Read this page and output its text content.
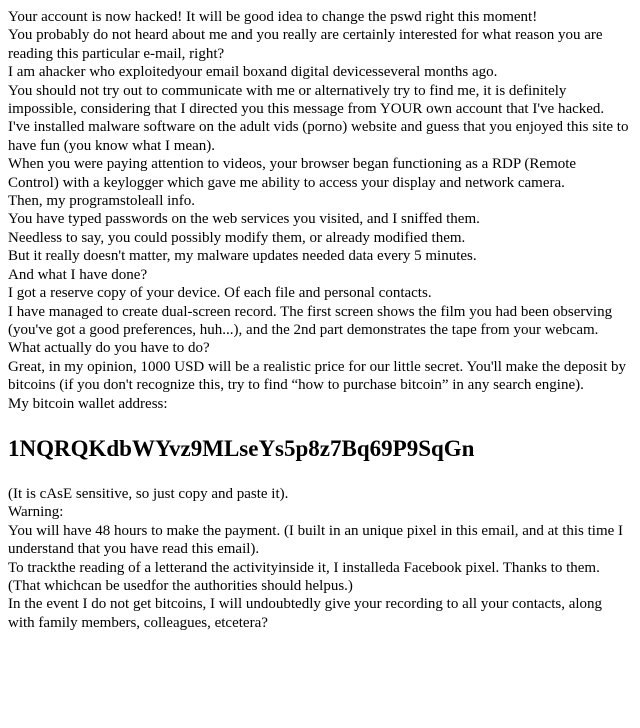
Your account is now hacked! It will be good idea to change the pswd right this moment!

You probably do not heard about me and you really are certainly interested for what reason you are reading this particular e-mail, right?

I am ahacker who exploitedyour email boxand digital devicesseveral months ago.

You should not try out to communicate with me or alternatively try to find me, it is definitely impossible, considering that I directed you this message from YOUR own account that I've hacked.

I've installed malware software on the adult vids (porno) website and guess that you enjoyed this site to have fun (you know what I mean).

When you were paying attention to videos, your browser began functioning as a RDP (Remote Control) with a keylogger which gave me ability to access your display and network camera.

Then, my programstoleall info.

You have typed passwords on the web services you visited, and I sniffed them.

Needless to say, you could possibly modify them, or already modified them.

But it really doesn't matter, my malware updates needed data every 5 minutes.

And what I have done?

I got a reserve copy of your device. Of each file and personal contacts.

I have managed to create dual-screen record. The first screen shows the film you had been observing (you've got a good preferences, huh...), and the 2nd part demonstrates the tape from your webcam.

What actually do you have to do?

Great, in my opinion, 1000 USD will be a realistic price for our little secret. You'll make the deposit by bitcoins (if you don't recognize this, try to find “how to purchase bitcoin” in any search engine).

My bitcoin wallet address:

1NQRQKdbWYvz9MLseYs5p8z7Bq69P9SqGn

(It is cAsE sensitive, so just copy and paste it).

Warning:

You will have 48 hours to make the payment. (I built in an unique pixel in this email, and at this time I understand that you have read this email).

To trackthe reading of a letterand the activityinside it, I installeda Facebook pixel. Thanks to them. (That whichcan be usedfor the authorities should helpus.)

In the event I do not get bitcoins, I will undoubtedly give your recording to all your contacts, along with family members, colleagues, etcetera?
